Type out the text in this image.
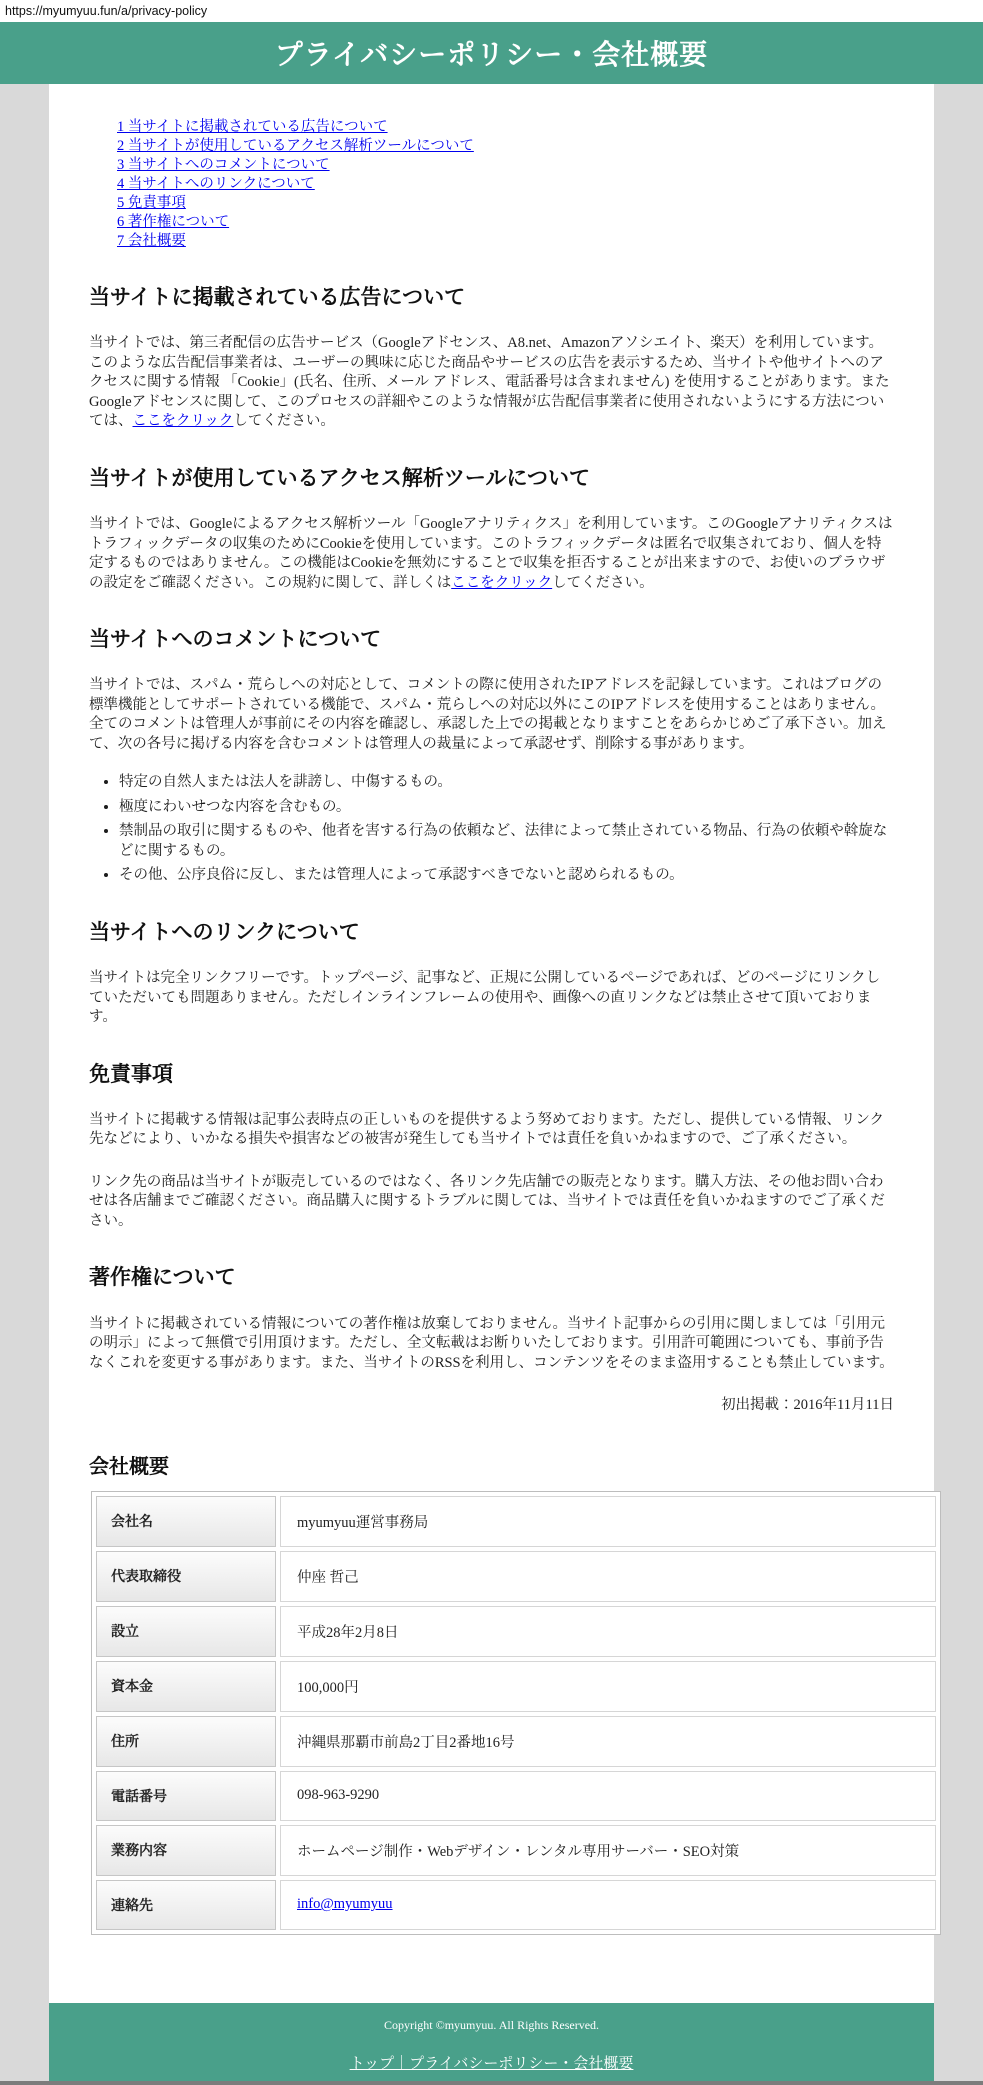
https://myumyuu.fun/a/privacy-policy
プライバシーポリシー・会社概要
1 当サイトに掲載されている広告について
2 当サイトが使用しているアクセス解析ツールについて
3 当サイトへのコメントについて
4 当サイトへのリンクについて
5 免責事項
6 著作権について
7 会社概要
当サイトに掲載されている広告について

当サイトでは、第三者配信の広告サービス（Googleアドセンス、A8.net、Amazonアソシエイト、楽天）を利用しています。このような広告配信事業者は、ユーザーの興味に応じた商品やサービスの広告を表示するため、当サイトや他サイトへのアクセスに関する情報 「Cookie」(氏名、住所、メール アドレス、電話番号は含まれません) を使用することがあります。またGoogleアドセンスに関して、このプロセスの詳細やこのような情報が広告配信事業者に使用されないようにする方法については、ここをクリックしてください。

当サイトが使用しているアクセス解析ツールについて

当サイトでは、Googleによるアクセス解析ツール「Googleアナリティクス」を利用しています。このGoogleアナリティクスはトラフィックデータの収集のためにCookieを使用しています。このトラフィックデータは匿名で収集されており、個人を特定するものではありません。この機能はCookieを無効にすることで収集を拒否することが出来ますので、お使いのブラウザの設定をご確認ください。この規約に関して、詳しくはここをクリックしてください。

当サイトへのコメントについて

当サイトでは、スパム・荒らしへの対応として、コメントの際に使用されたIPアドレスを記録しています。これはブログの標準機能としてサポートされている機能で、スパム・荒らしへの対応以外にこのIPアドレスを使用することはありません。全てのコメントは管理人が事前にその内容を確認し、承認した上での掲載となりますことをあらかじめご了承下さい。加えて、次の各号に掲げる内容を含むコメントは管理人の裁量によって承認せず、削除する事があります。

• 特定の自然人または法人を誹謗し、中傷するもの。
• 極度にわいせつな内容を含むもの。
• 禁制品の取引に関するものや、他者を害する行為の依頼など、法律によって禁止されている物品、行為の依頼や斡旋などに関するもの。
• その他、公序良俗に反し、または管理人によって承認すべきでないと認められるもの。
当サイトへのリンクについて

当サイトは完全リンクフリーです。トップページ、記事など、正規に公開しているページであれば、どのページにリンクしていただいても問題ありません。ただしインラインフレームの使用や、画像への直リンクなどは禁止させて頂いております。

免責事項

当サイトに掲載する情報は記事公表時点の正しいものを提供するよう努めております。ただし、提供している情報、リンク先などにより、いかなる損失や損害などの被害が発生しても当サイトでは責任を負いかねますので、ご了承ください。

リンク先の商品は当サイトが販売しているのではなく、各リンク先店舗での販売となります。購入方法、その他お問い合わせは各店舗までご確認ください。商品購入に関するトラブルに関しては、当サイトでは責任を負いかねますのでご了承ください。

著作権について

当サイトに掲載されている情報についての著作権は放棄しておりません。当サイト記事からの引用に関しましては「引用元の明示」によって無償で引用頂けます。ただし、全文転載はお断りいたしております。引用許可範囲についても、事前予告なくこれを変更する事があります。また、当サイトのRSSを利用し、コンテンツをそのまま盗用することも禁止しています。

初出掲載：2016年11月11日

会社概要
会社名	myumyuu運営事務局
代表取締役	仲座 哲己
設立	平成28年2月8日
資本金	100,000円
住所	沖縄県那覇市前島2丁目2番地16号
電話番号	098-963-9290
業務内容	ホームページ制作・Webデザイン・レンタル専用サーバー・SEO対策
連絡先	info@myumyuu

Copyright ©myumyuu. All Rights Reserved.

トップ｜プライバシーポリシー・会社概要
